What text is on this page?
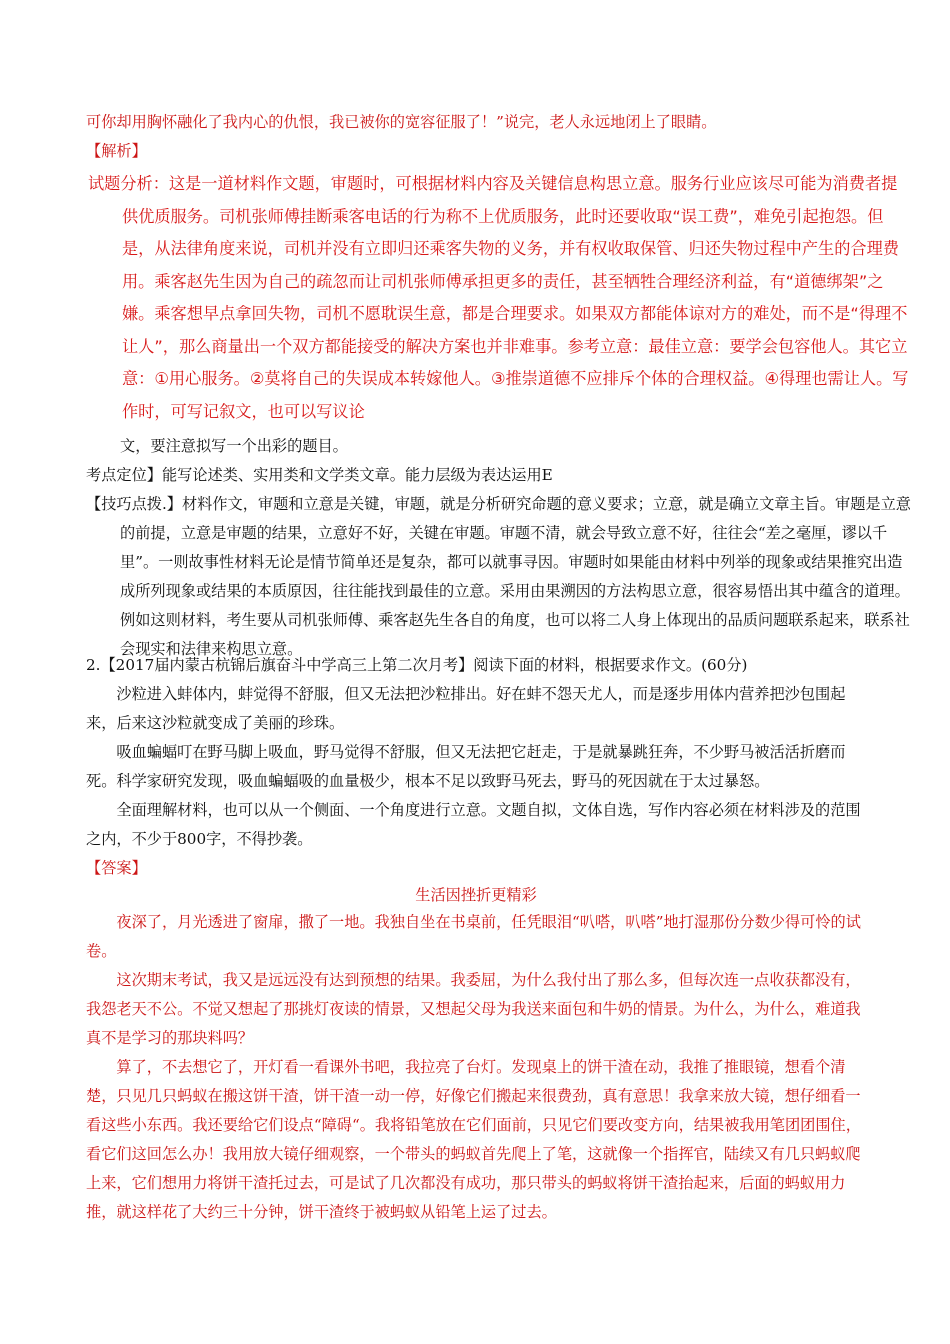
可你却用胸怀融化了我内心的仇恨，我已被你的宽容征服了！”说完，老人永远地闭上了眼睛。

【解析】

试题分析：这是一道材料作文题，审题时，可根据材料内容及关键信息构思立意。服务行业应该尽可能为消费者提供优质服务。司机张师傅挂断乘客电话的行为称不上优质服务，此时还要收取“误工费”，难免引起抱怨。但是，从法律角度来说，司机并没有立即归还乘客失物的义务，并有权收取保管、归还失物过程中产生的合理费用。乘客赵先生因为自己的疏忽而让司机张师傅承担更多的责任，甚至牺牲合理经济利益，有“道德绑架”之嫌。乘客想早点拿回失物，司机不愿耽误生意，都是合理要求。如果双方都能体谅对方的难处，而不是“得理不让人”，那么商量出一个双方都能接受的解决方案也并非难事。参考立意：最佳立意：要学会包容他人。其它立意：①用心服务。②莫将自己的失误成本转嫁他人。③推崇道德不应排斥个体的合理权益。④得理也需让人。写作时，可写记叙文，也可以写议论

文，要注意拟写一个出彩的题目。

考点定位】能写论述类、实用类和文学类文章。能力层级为表达运用E

【技巧点拨.】材料作文，审题和立意是关键，审题，就是分析研究命题的意义要求；立意，就是确立文章主旨。审题是立意的前提，立意是审题的结果，立意好不好，关键在审题。审题不清，就会导致立意不好，往往会“差之毫厘，谬以千里”。一则故事性材料无论是情节简单还是复杂，都可以就事寻因。审题时如果能由材料中列举的现象或结果推究出造成所列现象或结果的本质原因，往往能找到最佳的立意。采用由果溯因的方法构思立意，很容易悟出其中蕴含的道理。例如这则材料，考生要从司机张师傅、乘客赵先生各自的角度，也可以将二人身上体现出的品质问题联系起来，联系社会现实和法律来构思立意。

2.【2017届内蒙古杭锦后旗奋斗中学高三上第二次月考】阅读下面的材料，根据要求作文。(60分)

沙粒进入蚌体内，蚌觉得不舒服，但又无法把沙粒排出。好在蚌不怨天尤人，而是逐步用体内营养把沙包围起来，后来这沙粒就变成了美丽的珍珠。

吸血蝙蝠叮在野马脚上吸血，野马觉得不舒服，但又无法把它赶走，于是就暴跳狂奔，不少野马被活活折磨而死。科学家研究发现，吸血蝙蝠吸的血量极少，根本不足以致野马死去，野马的死因就在于太过暴怒。

全面理解材料，也可以从一个侧面、一个角度进行立意。文题自拟，文体自选，写作内容必须在材料涉及的范围之内，不少于800字，不得抄袭。

【答案】

生活因挫折更精彩

夜深了，月光透进了窗扉，撒了一地。我独自坐在书桌前，任凭眼泪“叭嗒，叭嗒”地打湿那份分数少得可怜的试卷。

这次期末考试，我又是远远没有达到预想的结果。我委屈，为什么我付出了那么多，但每次连一点收获都没有，我怨老天不公。不觉又想起了那挑灯夜读的情景，又想起父母为我送来面包和牛奶的情景。为什么，为什么，难道我真不是学习的那块料吗？

算了，不去想它了，开灯看一看课外书吧，我拉亮了台灯。发现桌上的饼干渣在动，我推了推眼镜，想看个清楚，只见几只蚂蚁在搬这饼干渣，饼干渣一动一停，好像它们搬起来很费劲，真有意思！我拿来放大镜，想仔细看一看这些小东西。我还要给它们设点“障碍“。我将铅笔放在它们面前，只见它们要改变方向，结果被我用笔团团围住，看它们这回怎么办！我用放大镜仔细观察，一个带头的蚂蚁首先爬上了笔，这就像一个指挥官，陆续又有几只蚂蚁爬上来，它们想用力将饼干渣托过去，可是试了几次都没有成功，那只带头的蚂蚁将饼干渣抬起来，后面的蚂蚁用力推，就这样花了大约三十分钟，饼干渣终于被蚂蚁从铅笔上运了过去。
